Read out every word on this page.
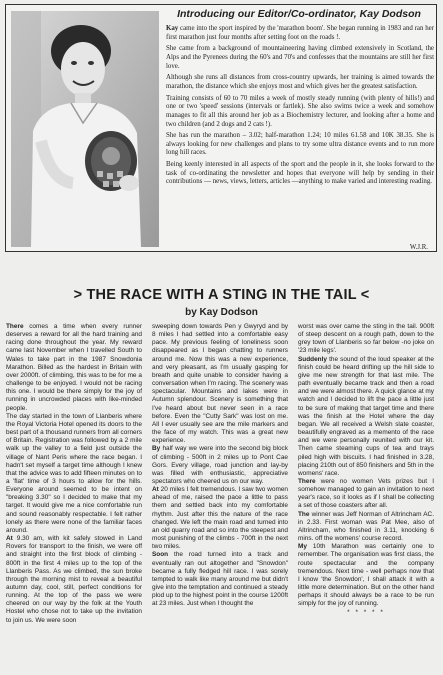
Introducing our Editor/Co-ordinator, Kay Dodson

Kay came into the sport inspired by the 'marathon boom'. She began running in 1983 and ran her first marathon just four months after setting foot on the roads !.

She came from a background of mountaineering having climbed extensively in Scotland, the Alps and the Pyrenees during the 60's and 70's and confesses that the mountains are still her first love.

Although she runs all distances from cross-country upwards, her training is aimed towards the marathon, the distance which she enjoys most and which gives her the greatest satisfaction.

Training consists of 60 to 70 miles a week of mostly steady running (with plenty of hills!) and one or two 'speed' sessions (intervals or fartlek). She also swims twice a week and somehow manages to fit all this around her job as a Biochemistry lecturer, and looking after a home and two children (and 2 dogs and 2 cats !).

She has run the marathon – 3.02; half-marathon 1.24; 10 miles 61.58 and 10K 38.35. She is always looking for new challenges and plans to try some ultra distance events and to run more long hill races.

Being keenly interested in all aspects of the sport and the people in it, she looks forward to the task of co-ordinating the newsletter and hopes that everyone will help by sending in their contributions — news, views, letters, articles —anything to make varied and interesting reading.

W.J.R.
> THE RACE WITH A STING IN THE TAIL <
by Kay Dodson

There comes a time when every runner deserves a reward for all the hard training and racing done throughout the year. My reward came last November when I travelled South to Wales to take part in the 1987 Snowdonia Marathon. Billed as the hardest in Britain with over 2000ft. of climbing, this was to be for me a challenge to be enjoyed. I would not be racing this one. I would be there simply for the joy of running in uncrowded places with like-minded people.

The day started in the town of Llanberis where the Royal Victoria Hotel opened its doors to the best part of a thousand runners from all corners of Britain. Registration was followed by a 2 mile walk up the valley to a field just outside the village of Nant Peris where the race began. I hadn't set myself a target time although I knew that the advice was to add fifteen minutes on to a 'flat' time of 3 hours to allow for the hills. Everyone around seemed to be intent on "breaking 3.30" so I decided to make that my target. It would give me a nice comfortable run and sound reasonably respectable. I felt rather lonely as there were none of the familiar faces around.

At 9.30 am, with kit safely stowed in Land Rovers for transport to the finish, we were off and straight into the first block of climbing - 800ft in the first 4 miles up to the top of the Llanberis Pass. As we climbed, the sun broke through the morning mist to reveal a beautiful autumn day, cool, still, perfect conditions for running. At the top of the pass we were cheered on our way by the folk at the Youth Hostel who chose not to take up the invitation to join us. We were soon

sweeping down towards Pen y Gwyryd and by 8 miles I had settled into a comfortable easy pace. My previous feeling of loneliness soon disappeared as I began chatting to runners around me. Now this was a new experience, and very pleasant, as I'm usually gasping for breath and quite unable to consider having a conversation when I'm racing. The scenery was spectacular. Mountains and lakes were in Autumn splendour. Scenery is something that I've heard about but never seen in a race before. Even the "Cutty Sark" was lost on me. All I ever usually see are the mile markers and the face of my watch. This was a great new experience.

By half way we were into the second big block of climbing - 500ft in 2 miles up to Pont Cae Gors. Every village, road junction and lay-by was filled with enthusiastic, appreciative spectators who cheered us on our way.

At 20 miles I felt tremendous. I saw two women ahead of me, raised the pace a little to pass them and settled back into my comfortable rhythm. Just after this the nature of the race changed. We left the main road and turned into an old quarry road and so into the steepest and most punishing of the climbs - 700ft in the next two miles.

Soon the road turned into a track and eventually ran out altogether and "Snowdon" became a fully fledged hill race. I was sorely tempted to walk like many around me but didn't give into the temptation and continued a steady plod up to the highest point in the course 1200ft at 23 miles. Just when I thought the

worst was over came the sting in the tail. 900ft of steep descent on a rough path, down to the grey town of Llanberis so far below -no joke on '23 mile legs'.

Suddenly the sound of the loud speaker at the finish could be heard drifting up the hill side to give me new strength for that last mile. The path eventually became track and then a road and we were almost there. A quick glance at my watch and I decided to lift the pace a little just to be sure of making that target time and there was the finish at the Hotel where the day began. We all received a Welsh slate coaster, beautifully engraved as a memento of the race and we were personally reunited with our kit. Then came steaming cups of tea and trays piled high with biscuits. I had finished in 3.28, placing 210th out of 850 finishers and 5th in the womens' race.

There were no women Vets prizes but I somehow managed to gain an invitation to next year's race, so it looks as if I shall be collecting a set of those coasters after all.

The winner was Jeff Norman of Altrincham AC. in 2.33. First woman was Pat Mee, also of Altrincham, who finished in 3.11, knocking 6 mins. off the womens' course record.

My 10th Marathon was certainly one to remember. The organisation was first class, the route spectacular and the company tremendous. Next time - well perhaps now that I know 'the Snowdon', I shall attack it with a little more determination. But on the other hand perhaps it should always be a race to be run simply for the joy of running.

* * * * *
